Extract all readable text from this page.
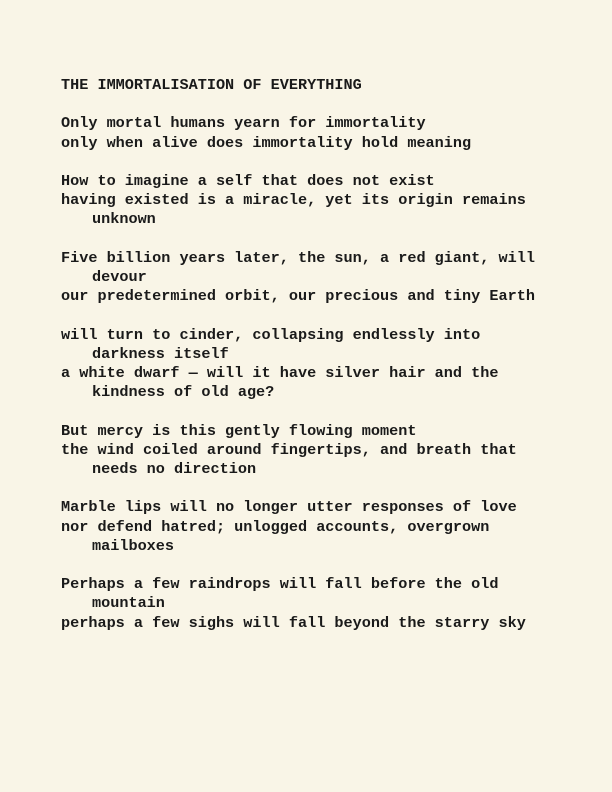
THE IMMORTALISATION OF EVERYTHING
Only mortal humans yearn for immortality
only when alive does immortality hold meaning
How to imagine a self that does not exist
having existed is a miracle, yet its origin remains unknown
Five billion years later, the sun, a red giant, will devour
our predetermined orbit, our precious and tiny Earth
will turn to cinder, collapsing endlessly into darkness itself
a white dwarf — will it have silver hair and the kindness of old age?
But mercy is this gently flowing moment
the wind coiled around fingertips, and breath that needs no direction
Marble lips will no longer utter responses of love
nor defend hatred; unlogged accounts, overgrown mailboxes
Perhaps a few raindrops will fall before the old mountain
perhaps a few sighs will fall beyond the starry sky
